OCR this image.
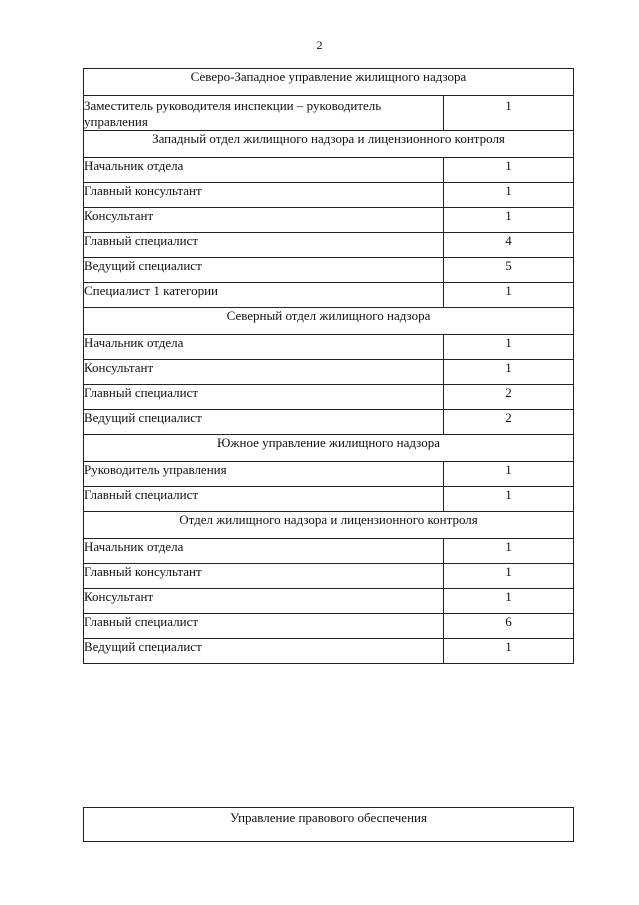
2
Северо-Западное управление жилищного надзора	
Заместитель руководителя инспекции – руководитель управления	1
Западный отдел жилищного надзора и лицензионного контроля	
Начальник отдела	1
Главный консультант	1
Консультант	1
Главный специалист	4
Ведущий специалист	5
Специалист 1 категории	1
Северный отдел жилищного надзора	
Начальник отдела	1
Консультант	1
Главный специалист	2
Ведущий специалист	2
Южное управление жилищного надзора	
Руководитель управления	1
Главный специалист	1
Отдел жилищного надзора и лицензионного контроля	
Начальник отдела	1
Главный консультант	1
Консультант	1
Главный специалист	6
Ведущий специалист	1
Управление правового обеспечения
